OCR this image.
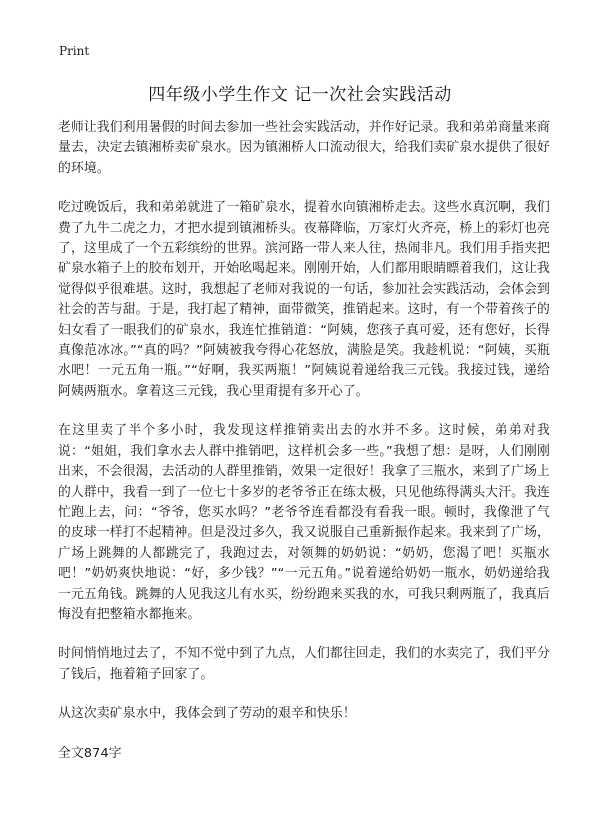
Print
四年级小学生作文 记一次社会实践活动

老师让我们利用暑假的时间去参加一些社会实践活动，并作好记录。我和弟弟商量来商量去，决定去镇湘桥卖矿泉水。因为镇湘桥人口流动很大，给我们卖矿泉水提供了很好的环境。

吃过晚饭后，我和弟弟就进了一箱矿泉水，提着水向镇湘桥走去。这些水真沉啊，我们费了九牛二虎之力，才把水提到镇湘桥头。夜幕降临，万家灯火齐亮，桥上的彩灯也亮了，这里成了一个五彩缤纷的世界。滨河路一带人来人往，热闹非凡。我们用手指夹把矿泉水箱子上的胶布划开，开始吆喝起来。刚刚开始，人们都用眼睛瞟着我们，这让我觉得似乎很难堪。这时，我想起了老师对我说的一句话，参加社会实践活动，会体会到社会的苦与甜。于是，我打起了精神，面带微笑，推销起来。这时，有一个带着孩子的妇女看了一眼我们的矿泉水，我连忙推销道：“阿姨，您孩子真可爱，还有您好，长得真像范冰冰。”“真的吗？”阿姨被我夸得心花怒放，满脸是笑。我趁机说：“阿姨，买瓶水吧！一元五角一瓶。”“好啊，我买两瓶！”阿姨说着递给我三元钱。我接过钱，递给阿姨两瓶水。拿着这三元钱，我心里甭提有多开心了。

在这里卖了半个多小时，我发现这样推销卖出去的水并不多。这时候，弟弟对我说：“姐姐，我们拿水去人群中推销吧，这样机会多一些。”我想了想：是呀，人们刚刚出来，不会很渴，去活动的人群里推销，效果一定很好！我拿了三瓶水，来到了广场上的人群中，我看一到了一位七十多岁的老爷爷正在练太极，只见他练得满头大汗。我连忙跑上去，问：“爷爷，您买水吗？”老爷爷连看都没有看我一眼。顿时，我像泄了气的皮球一样打不起精神。但是没过多久，我又说服自己重新振作起来。我来到了广场，广场上跳舞的人都跳完了，我跑过去，对领舞的奶奶说：“奶奶，您渴了吧！买瓶水吧！”奶奶爽快地说：“好，多少钱？”“一元五角。”说着递给奶奶一瓶水，奶奶递给我一元五角钱。跳舞的人见我这儿有水买，纷纷跑来买我的水，可我只剩两瓶了，我真后悔没有把整箱水都拖来。

时间悄悄地过去了，不知不觉中到了九点，人们都往回走，我们的水卖完了，我们平分了钱后，拖着箱子回家了。

从这次卖矿泉水中，我体会到了劳动的艰辛和快乐！

全文874字
